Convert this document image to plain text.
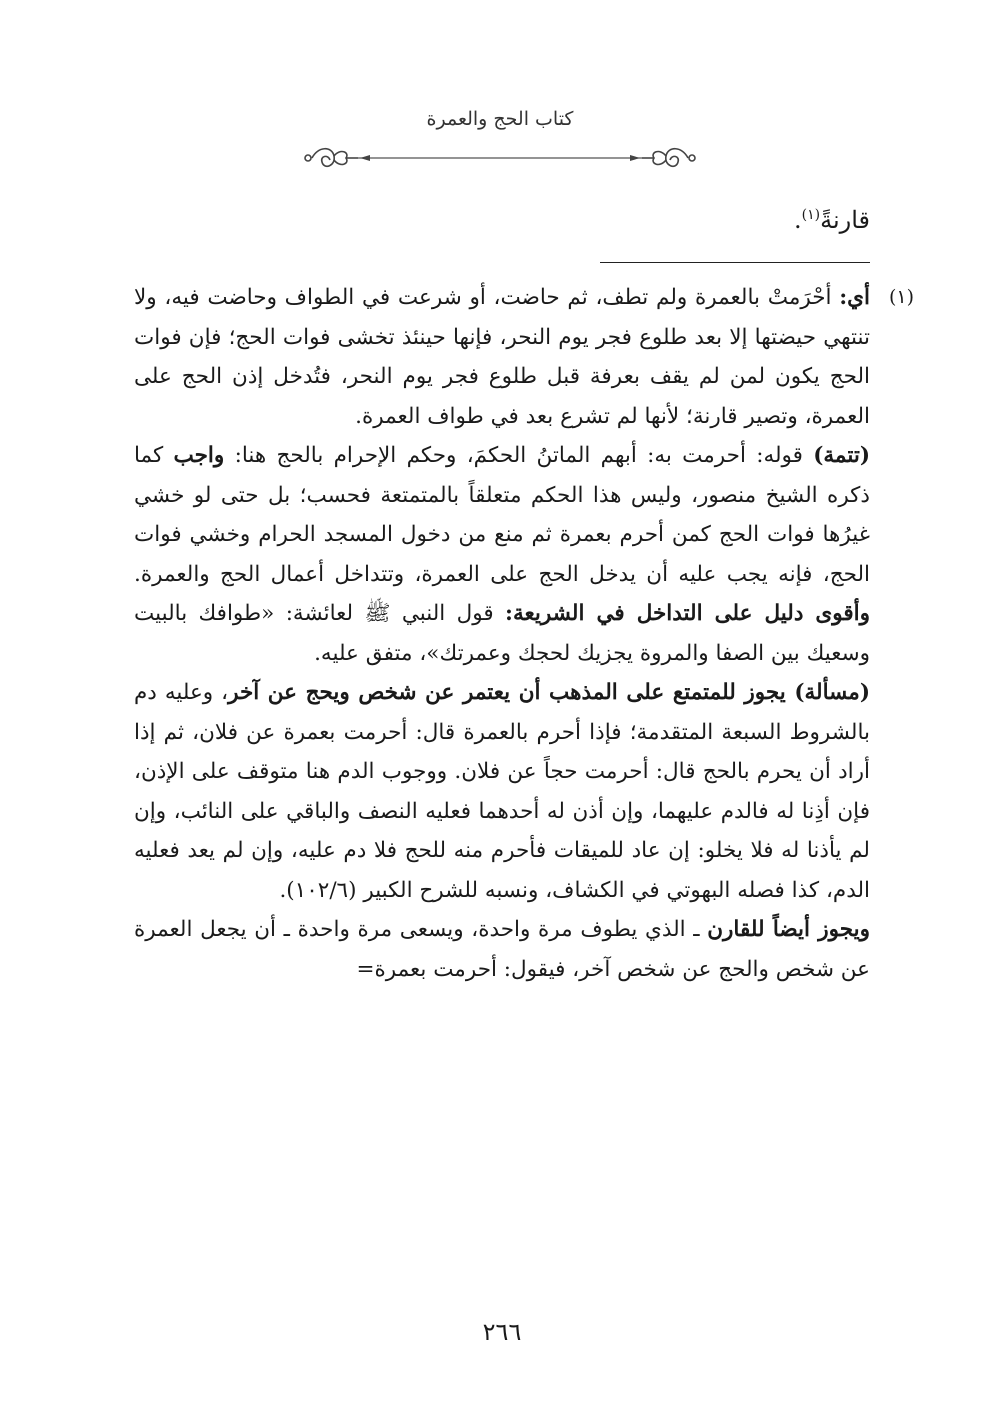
كتاب الحج والعمرة
قارنةً$^{(١)}$.

(١)
أي: أحْرَمتْ بالعمرة ولم تطف، ثم حاضت، أو شرعت في الطواف وحاضت فيه، ولا تنتهي حيضتها إلا بعد طلوع فجر يوم النحر، فإنها حينئذ تخشى فوات الحج؛ فإن فوات الحج يكون لمن لم يقف بعرفة قبل طلوع فجر يوم النحر، فتُدخل إذن الحج على العمرة، وتصير قارنة؛ لأنها لم تشرع بعد في طواف العمرة.

(تتمة) قوله: أحرمت به: أبهم الماتنُ الحكمَ، وحكم الإحرام بالحج هنا: واجب كما ذكره الشيخ منصور، وليس هذا الحكم متعلقاً بالمتمتعة فحسب؛ بل حتى لو خشي غيرُها فوات الحج كمن أحرم بعمرة ثم منع من دخول المسجد الحرام وخشي فوات الحج، فإنه يجب عليه أن يدخل الحج على العمرة، وتتداخل أعمال الحج والعمرة. وأقوى دليل على التداخل في الشريعة: قول النبي ﷺ لعائشة: «طوافك بالبيت وسعيك بين الصفا والمروة يجزيك لحجك وعمرتك»، متفق عليه.

(مسألة) يجوز للمتمتع على المذهب أن يعتمر عن شخص ويحج عن آخر، وعليه دم بالشروط السبعة المتقدمة؛ فإذا أحرم بالعمرة قال: أحرمت بعمرة عن فلان، ثم إذا أراد أن يحرم بالحج قال: أحرمت حجاً عن فلان. ووجوب الدم هنا متوقف على الإذن، فإن أذِنا له فالدم عليهما، وإن أذن له أحدهما فعليه النصف والباقي على النائب، وإن لم يأذنا له فلا يخلو: إن عاد للميقات فأحرم منه للحج فلا دم عليه، وإن لم يعد فعليه الدم، كذا فصله البهوتي في الكشاف، ونسبه للشرح الكبير (١٠٢/٦).

ويجوز أيضاً للقارن ـ الذي يطوف مرة واحدة، ويسعى مرة واحدة ـ أن يجعل العمرة عن شخص والحج عن شخص آخر، فيقول: أحرمت بعمرة=

٢٦٦
